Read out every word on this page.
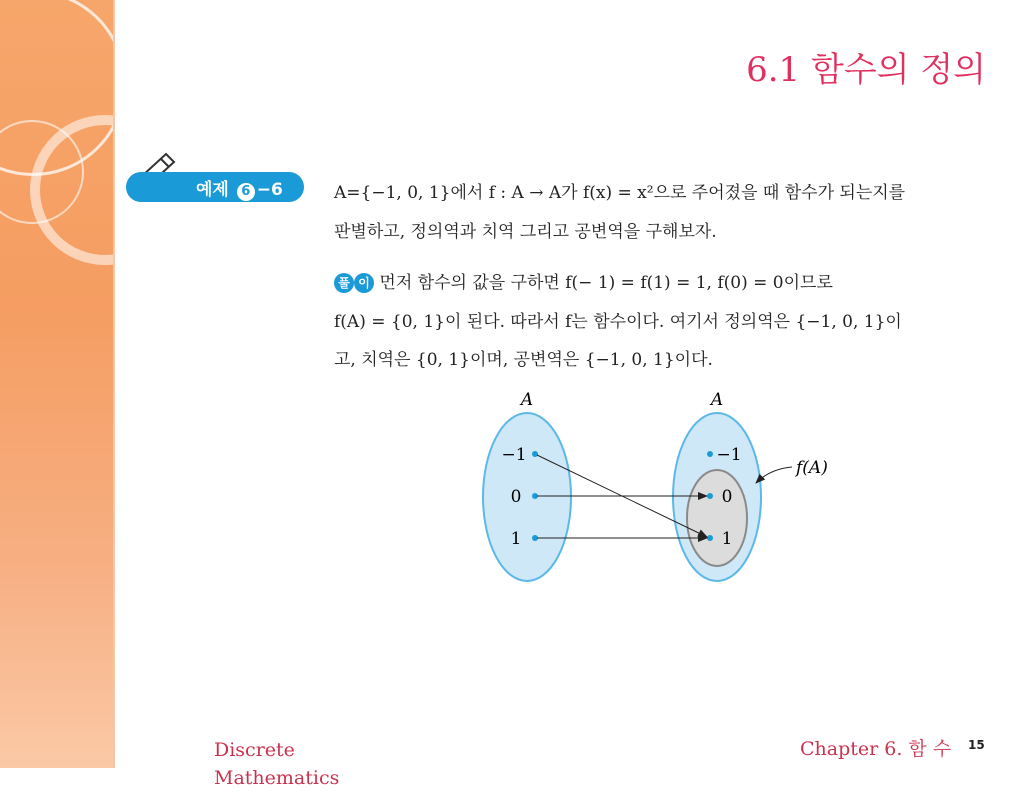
6.1 함수의 정의
예제 6 −6	A={−1, 0, 1}에서 f : A → A가 f(x) = x²으로 주어졌을 때 함수가 되는지를
판별하고, 정의역과 치역 그리고 공변역을 구해보자.
풀 이 먼저 함수의 값을 구하면 f(− 1) = f(1) = 1, f(0) = 0이므로
f(A) = {0, 1}이 된다. 따라서 f는 함수이다. 여기서 정의역은 {−1, 0, 1}이
고, 치역은 {0, 1}이며, 공변역은 {−1, 0, 1}이다.
A	A
−1
0
1
−1
0
1
f(A)
Discrete Mathematics
Chapter 6. 함 수 15
